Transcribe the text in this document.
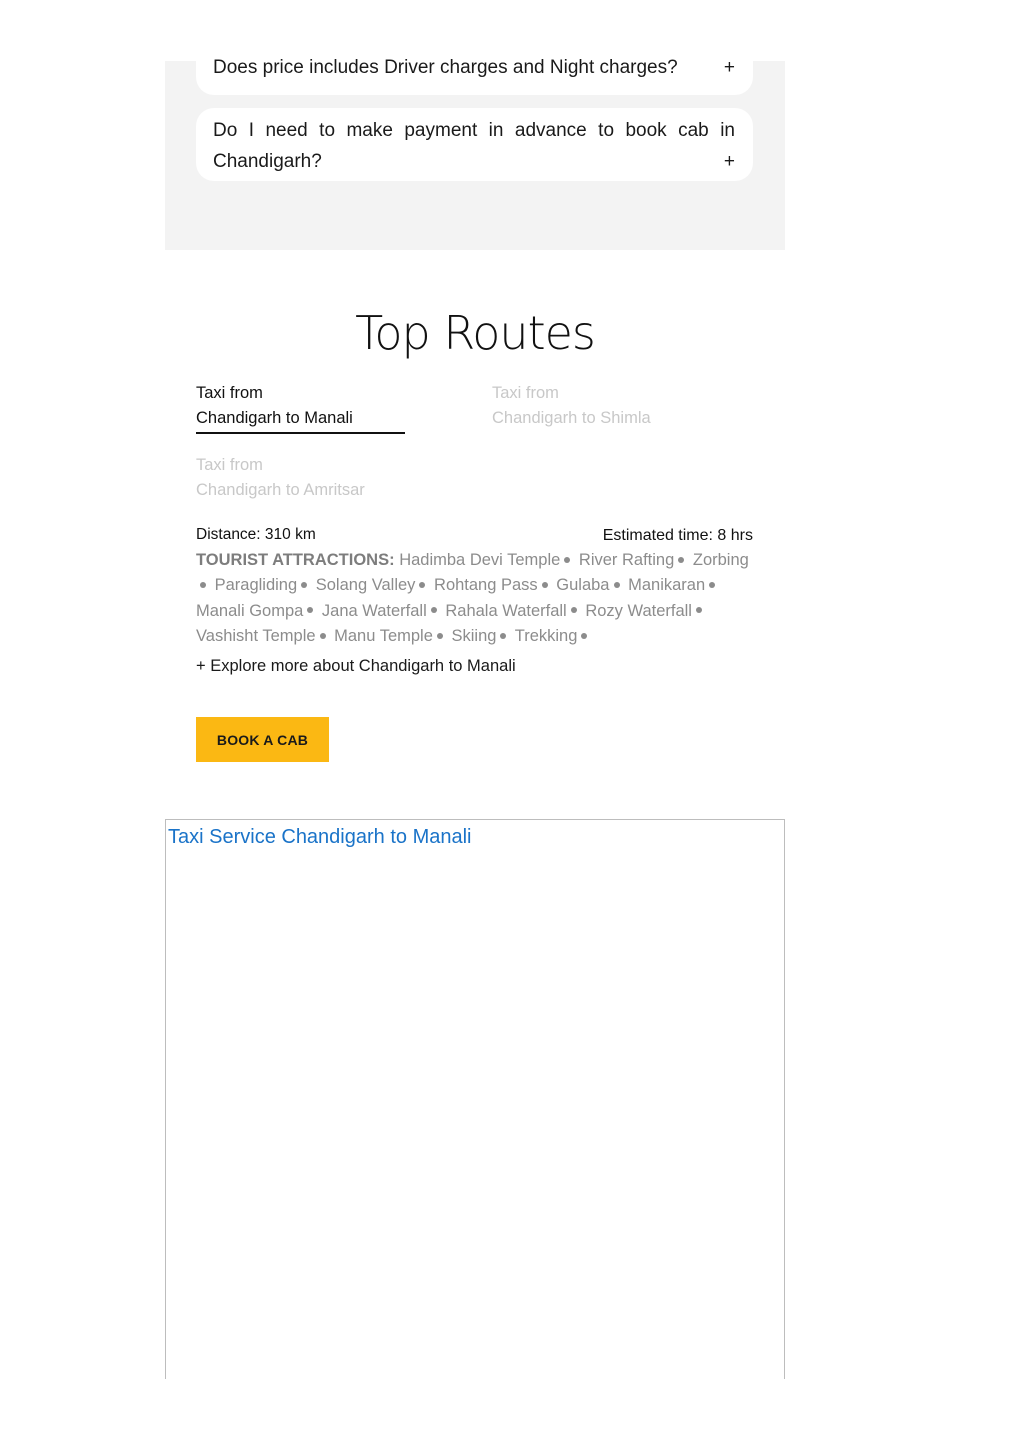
Does price includes Driver charges and Night charges? +
Do I need to make payment in advance to book cab in Chandigarh?	+
Top Routes
Taxi from
Chandigarh to Manali
Taxi from
Chandigarh to Shimla
Taxi from
Chandigarh to Amritsar
Distance: 310 km	Estimated time: 8 hrs
TOURIST ATTRACTIONS: Hadimba Devi Temple River Rafting Zorbing Paragliding Solang Valley Rohtang Pass Gulaba Manikaran Manali Gompa Jana Waterfall Rahala Waterfall Rozy Waterfall Vashisht Temple Manu Temple Skiing Trekking
+ Explore more about Chandigarh to Manali
BOOK A CAB
Taxi Service Chandigarh to Manali
